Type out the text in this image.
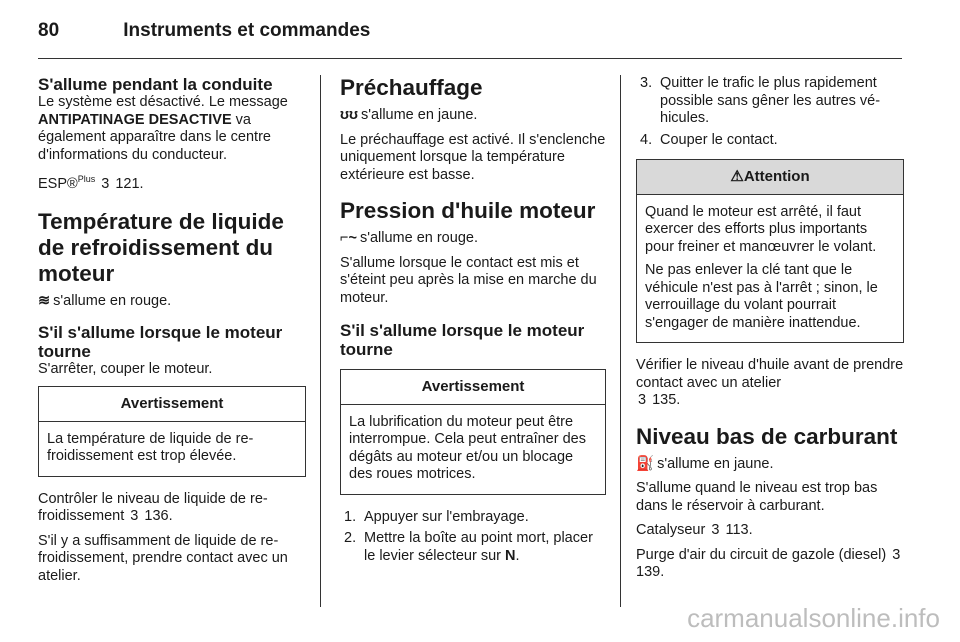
80	Instruments et commandes
S'allume pendant la conduite

Le système est désactivé. Le message ANTIPATINAGE DESACTIVE va également apparaître dans le centre d'informations du conducteur.

ESP®$^{Plus}$ 3 121.

Température de liquide de refroidissement du moteur

≋ s'allume en rouge.

S'il s'allume lorsque le moteur tourne

S'arrêter, couper le moteur.

Avertissement

La température de liquide de refroidissement est trop élevée.

Contrôler le niveau de liquide de refroidissement 3 136.

S'il y a suffisamment de liquide de refroidissement, prendre contact avec un atelier.

Préchauffage

ʊʊ s'allume en jaune.

Le préchauffage est activé. Il s'enclenche uniquement lorsque la température extérieure est basse.

Pression d'huile moteur

⌐~ s'allume en rouge.

S'allume lorsque le contact est mis et s'éteint peu après la mise en marche du moteur.

S'il s'allume lorsque le moteur tourne
Avertissement

La lubrification du moteur peut être interrompue. Cela peut entraîner des dégâts au moteur et/ou un blocage des roues motrices.

1. Appuyer sur l'embrayage.
2. Mettre la boîte au point mort, placer le levier sélecteur sur N.
3. Quitter le trafic le plus rapidement possible sans gêner les autres véhicules.
4. Couper le contact.
⚠Attention

Quand le moteur est arrêté, il faut exercer des efforts plus importants pour freiner et manœuvrer le volant.

Ne pas enlever la clé tant que le véhicule n'est pas à l'arrêt ; sinon, le verrouillage du volant pourrait s'engager de manière inattendue.

Vérifier le niveau d'huile avant de prendre contact avec un atelier
3 135.

Niveau bas de carburant

⛽ s'allume en jaune.

S'allume quand le niveau est trop bas dans le réservoir à carburant.

Catalyseur 3 113.

Purge d'air du circuit de gazole (diesel) 3 139.

carmanualsonline.info
